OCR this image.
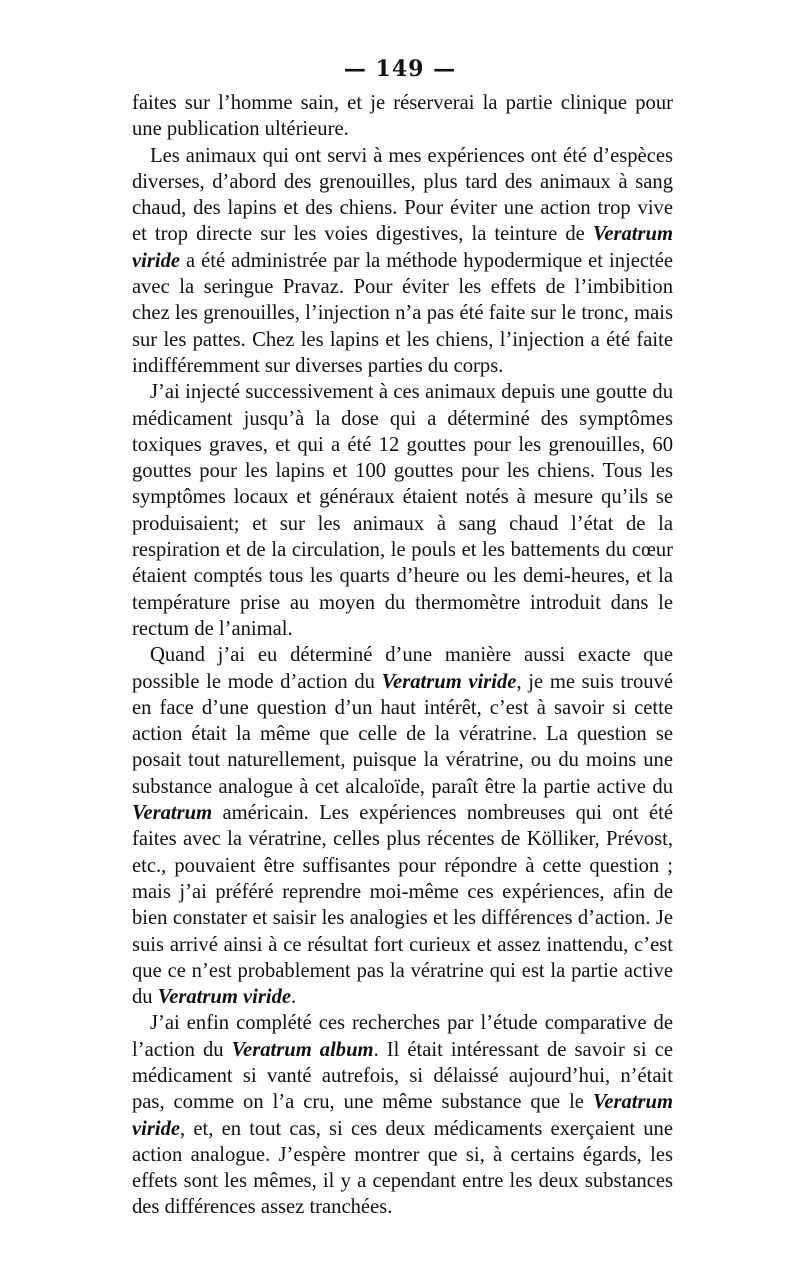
— 149 —

faites sur l’homme sain, et je réserverai la partie clinique pour une publication ultérieure.

Les animaux qui ont servi à mes expériences ont été d’espèces diverses, d’abord des grenouilles, plus tard des animaux à sang chaud, des lapins et des chiens. Pour éviter une action trop vive et trop directe sur les voies digestives, la teinture de Veratrum viride a été administrée par la méthode hypodermique et injectée avec la seringue Pravaz. Pour éviter les effets de l’imbibition chez les grenouilles, l’injection n’a pas été faite sur le tronc, mais sur les pattes. Chez les lapins et les chiens, l’injection a été faite indifféremment sur diverses parties du corps.

J’ai injecté successivement à ces animaux depuis une goutte du médicament jusqu’à la dose qui a déterminé des symptômes toxiques graves, et qui a été 12 gouttes pour les grenouilles, 60 gouttes pour les lapins et 100 gouttes pour les chiens. Tous les symptômes locaux et généraux étaient notés à mesure qu’ils se produisaient; et sur les animaux à sang chaud l’état de la respiration et de la circulation, le pouls et les battements du cœur étaient comptés tous les quarts d’heure ou les demi-heures, et la température prise au moyen du thermomètre introduit dans le rectum de l’animal.

Quand j’ai eu déterminé d’une manière aussi exacte que possible le mode d’action du Veratrum viride, je me suis trouvé en face d’une question d’un haut intérêt, c’est à savoir si cette action était la même que celle de la vératrine. La question se posait tout naturellement, puisque la vératrine, ou du moins une substance analogue à cet alcaloïde, paraît être la partie active du Veratrum américain. Les expériences nombreuses qui ont été faites avec la vératrine, celles plus récentes de Kölliker, Prévost, etc., pouvaient être suffisantes pour répondre à cette question ; mais j’ai préféré reprendre moi-même ces expériences, afin de bien constater et saisir les analogies et les différences d’action. Je suis arrivé ainsi à ce résultat fort curieux et assez inattendu, c’est que ce n’est probablement pas la vératrine qui est la partie active du Veratrum viride.

J’ai enfin complété ces recherches par l’étude comparative de l’action du Veratrum album. Il était intéressant de savoir si ce médicament si vanté autrefois, si délaissé aujourd’hui, n’était pas, comme on l’a cru, une même substance que le Veratrum viride, et, en tout cas, si ces deux médicaments exerçaient une action analogue. J’espère montrer que si, à certains égards, les effets sont les mêmes, il y a cependant entre les deux substances des différences assez tranchées.
